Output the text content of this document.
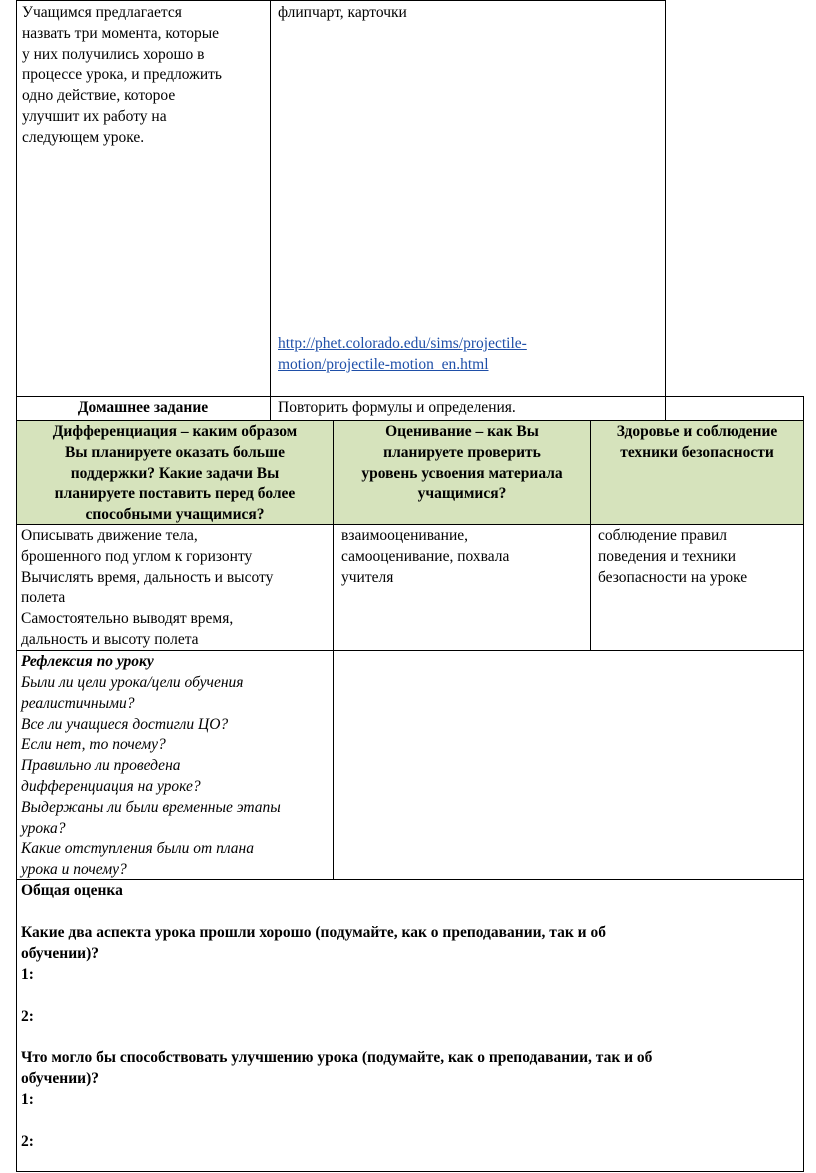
Учащимся предлагается
назвать три момента, которые
у них получились хорошо в
процессе урока, и предложить
одно действие, которое
улучшит их работу на
следующем уроке.
флипчарт, карточки
http://phet.colorado.edu/sims/projectile-
motion/projectile-motion_en.html
Домашнее задание	Повторить формулы и определения.
Дифференциация – каким образом
Вы планируете оказать больше
поддержки? Какие задачи Вы
планируете поставить перед более
способными учащимися?
Оценивание – как Вы
планируете проверить
уровень усвоения материала
учащимися?
Здоровье и соблюдение
техники безопасности
Описывать движение тела,
брошенного под углом к горизонту
Вычислять время, дальность и высоту
полета
Самостоятельно выводят время,
дальность и высоту полета
взаимооценивание,
самооценивание, похвала
учителя
соблюдение правил
поведения и техники
безопасности на уроке
Рефлексия по уроку
Были ли цели урока/цели обучения
реалистичными?
Все ли учащиеся достигли ЦО?
Если нет, то почему?
Правильно ли проведена
дифференциация на уроке?
Выдержаны ли были временные этапы
урока?
Какие отступления были от плана
урока и почему?
Общая оценка
Какие два аспекта урока прошли хорошо (подумайте, как о преподавании, так и об
обучении)?
1:
2:
Что могло бы способствовать улучшению урока (подумайте, как о преподавании, так и об
обучении)?
1:
2:
